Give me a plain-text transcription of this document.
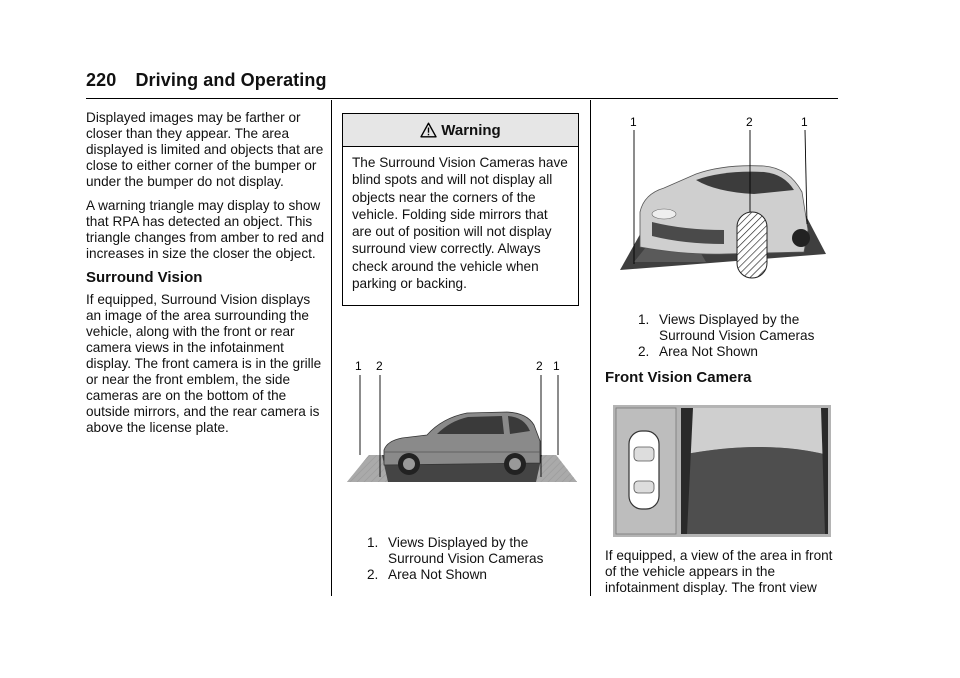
220 Driving and Operating

Displayed images may be farther or closer than they appear. The area displayed is limited and objects that are close to either corner of the bumper or under the bumper do not display.

A warning triangle may display to show that RPA has detected an object. This triangle changes from amber to red and increases in size the closer the object.

Surround Vision

If equipped, Surround Vision displays an image of the area surrounding the vehicle, along with the front or rear camera views in the infotainment display. The front camera is in the grille or near the front emblem, the side cameras are on the bottom of the outside mirrors, and the rear camera is above the license plate.

Warning
The Surround Vision Cameras have blind spots and will not display all objects near the corners of the vehicle. Folding side mirrors that are out of position will not display surround view correctly. Always check around the vehicle when parking or backing.
1 2	2 1
1. Views Displayed by the
Surround Vision Cameras
2. Area Not Shown
1	2	1
1. Views Displayed by the
Surround Vision Cameras
2. Area Not Shown
Front Vision Camera
If equipped, a view of the area in front of the vehicle appears in the infotainment display. The front view
